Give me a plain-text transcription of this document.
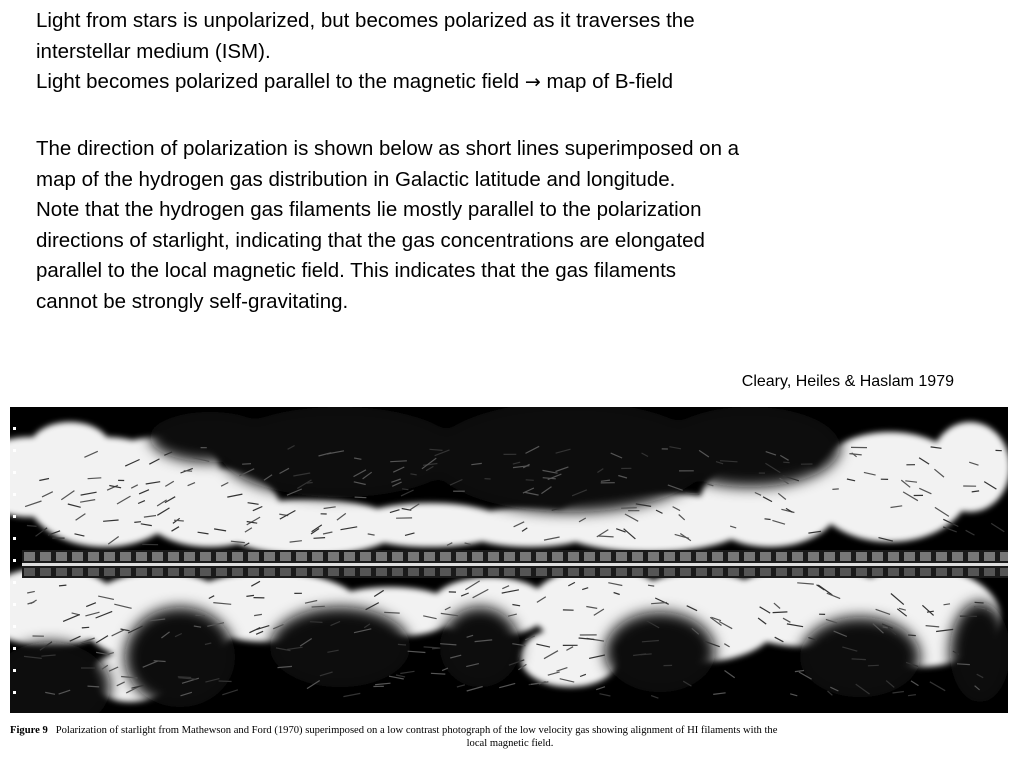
Light from stars is unpolarized, but becomes polarized as it traverses the
interstellar medium (ISM).
Light becomes polarized parallel to the magnetic field → map of B-field
The direction of polarization is shown below as short lines superimposed on a
map of the hydrogen gas distribution in Galactic latitude and longitude.
Note that the hydrogen gas filaments lie mostly parallel to the polarization
directions of starlight, indicating that the gas concentrations are elongated
parallel to the local magnetic field. This indicates that the gas filaments
cannot be strongly self-gravitating.
Cleary, Heiles & Haslam 1979
Figure 9 Polarization of starlight from Mathewson and Ford (1970) superimposed on a low contrast photograph of the low velocity gas showing alignment of HI filaments with the
local magnetic field.
